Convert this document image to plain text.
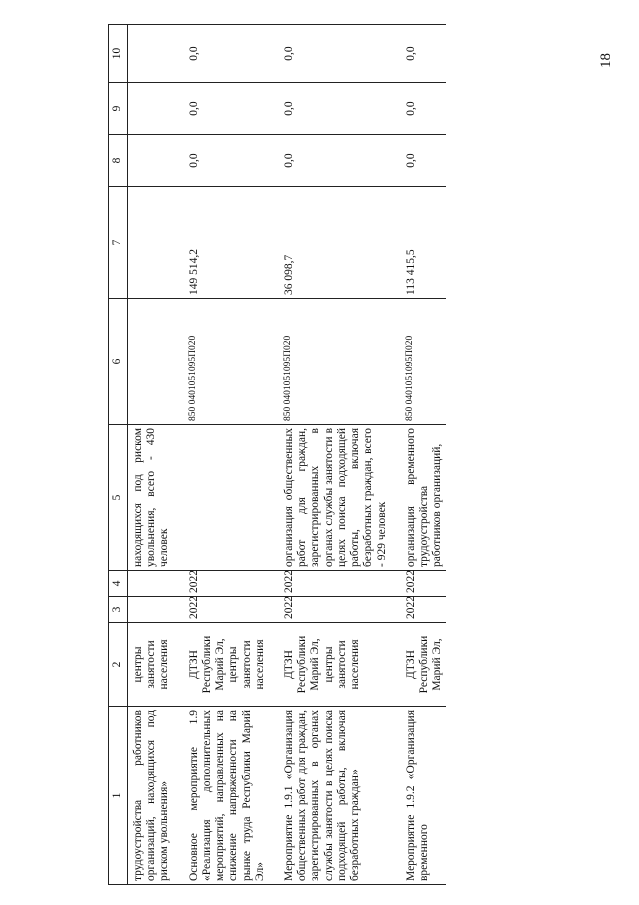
18
1	2	3	4	5	6	7	8	9	10
трудоустройства работников организаций, находящихся под риском увольнения»	центры занятости населения			находящихся под риском увольнения, всего - 430 человек					
Основное мероприятие 1.9 «Реализация дополнительных мероприятий, направленных на снижение напряженности на рынке труда Республики Марий Эл»	ДТЗН Республики Марий Эл, центры занятости населения	2022	2022		850 0401051095П020	149 514,2	0,0	0,0	0,0
Мероприятие 1.9.1 «Организация общественных работ для граждан, зарегистрированных в органах службы занятости в целях поиска подходящей работы, включая безработных граждан»	ДТЗН Республики Марий Эл, центры занятости населения	2022	2022	организация общественных работ для граждан, зарегистрированных в органах службы занятости в целях поиска подходящей работы, включая безработных граждан, всего - 929 человек	850 0401051095П020	36 098,7	0,0	0,0	0,0
Мероприятие 1.9.2 «Организация временного	ДТЗН Республики Марий Эл,	2022	2022	организация временного трудоустройства работников организаций,	850 0401051095П020	113 415,5	0,0	0,0	0,0
